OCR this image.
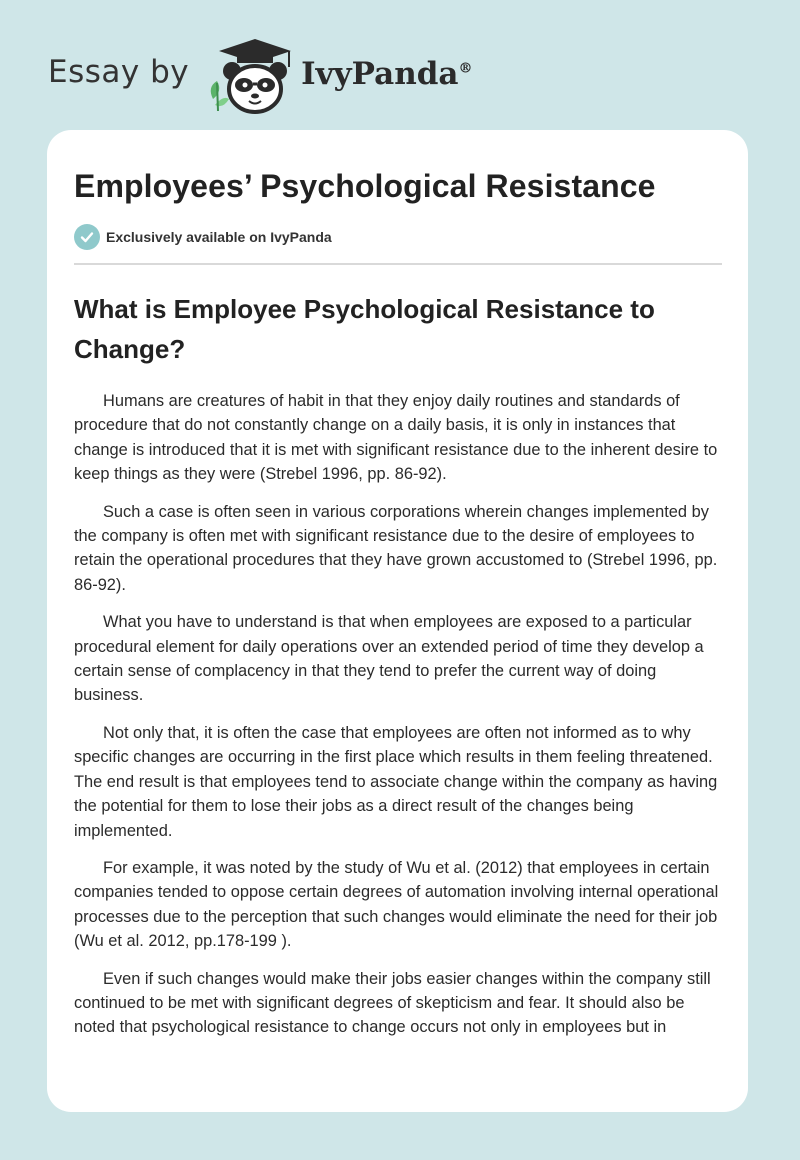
Essay by	IvyPanda®
Employees’ Psychological Resistance
Exclusively available on IvyPanda
What is Employee Psychological Resistance to Change?

Humans are creatures of habit in that they enjoy daily routines and standards of procedure that do not constantly change on a daily basis, it is only in instances that change is introduced that it is met with significant resistance due to the inherent desire to keep things as they were (Strebel 1996, pp. 86-92).

Such a case is often seen in various corporations wherein changes implemented by the company is often met with significant resistance due to the desire of employees to retain the operational procedures that they have grown accustomed to (Strebel 1996, pp. 86-92).

What you have to understand is that when employees are exposed to a particular procedural element for daily operations over an extended period of time they develop a certain sense of complacency in that they tend to prefer the current way of doing business.

Not only that, it is often the case that employees are often not informed as to why specific changes are occurring in the first place which results in them feeling threatened. The end result is that employees tend to associate change within the company as having the potential for them to lose their jobs as a direct result of the changes being implemented.

For example, it was noted by the study of Wu et al. (2012) that employees in certain companies tended to oppose certain degrees of automation involving internal operational processes due to the perception that such changes would eliminate the need for their job (Wu et al. 2012, pp.178-199 ).

Even if such changes would make their jobs easier changes within the company still continued to be met with significant degrees of skepticism and fear. It should also be noted that psychological resistance to change occurs not only in employees but in
